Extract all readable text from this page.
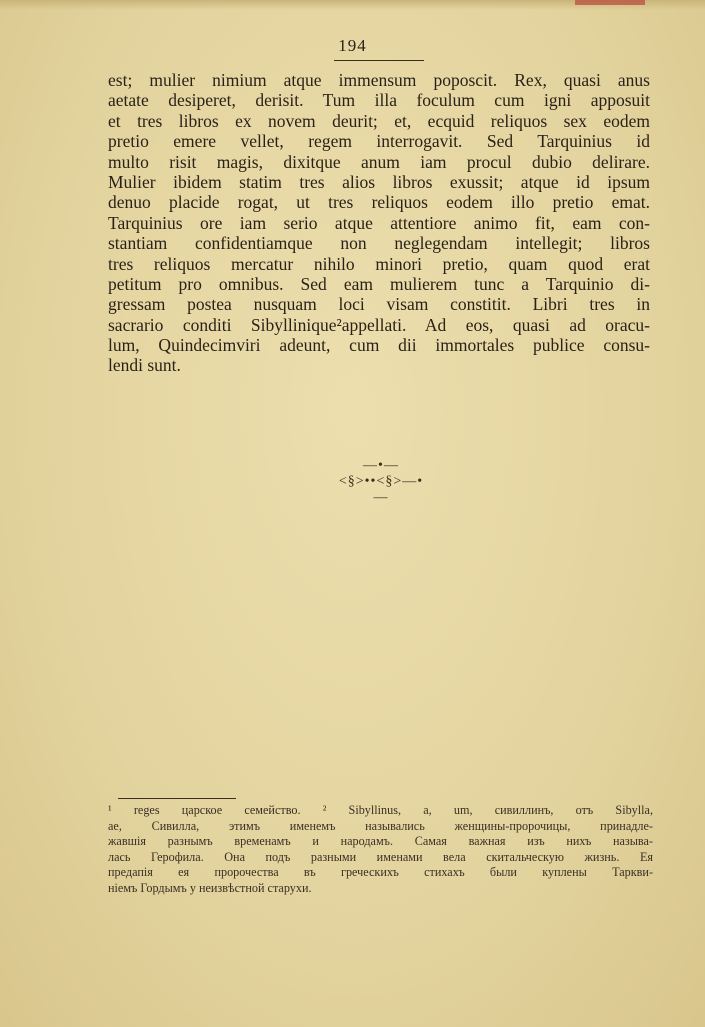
194
est; mulier nimium atque immensum poposcit. Rex, quasi anus
aetate desiperet, derisit. Tum illa foculum cum igni apposuit
et tres libros ex novem deurit; et, ecquid reliquos sex eodem
pretio emere vellet, regem interrogavit. Sed Tarquinius id
multo risit magis, dixitque anum iam procul dubio delirare.
Mulier ibidem statim tres alios libros exussit; atque id ipsum
denuo placide rogat, ut tres reliquos eodem illo pretio emat.
Tarquinius ore iam serio atque attentiore animo fit, eam con-
stantiam confidentiamque non neglegendam intellegit; libros
tres reliquos mercatur nihilo minori pretio, quam quod erat
petitum pro omnibus. Sed eam mulierem tunc a Tarquinio di-
gressam postea nusquam loci visam constitit. Libri tres in
sacrario conditi Sibyllinique²appellati. Ad eos, quasi ad oracu-
lum, Quindecimviri adeunt, cum dii immortales publice consu-
lendi sunt.
—•—<§>••<§>—•—
¹ reges царское семейство. ² Sibyllinus, a, um, сивиллинъ, отъ Sibylla,
ae, Сивилла, этимъ именемъ назывались женщины-пророчицы, принадле-
жавшія разнымъ временамъ и народамъ. Самая важная изъ нихъ называ-
лась Герофила. Она подъ разными именами вела скитальческую жизнь. Ея
предапія ея пророчества въ греческихъ стихахъ были куплены Таркви-
ніемъ Гордымъ у неизвѣстной старухи.
